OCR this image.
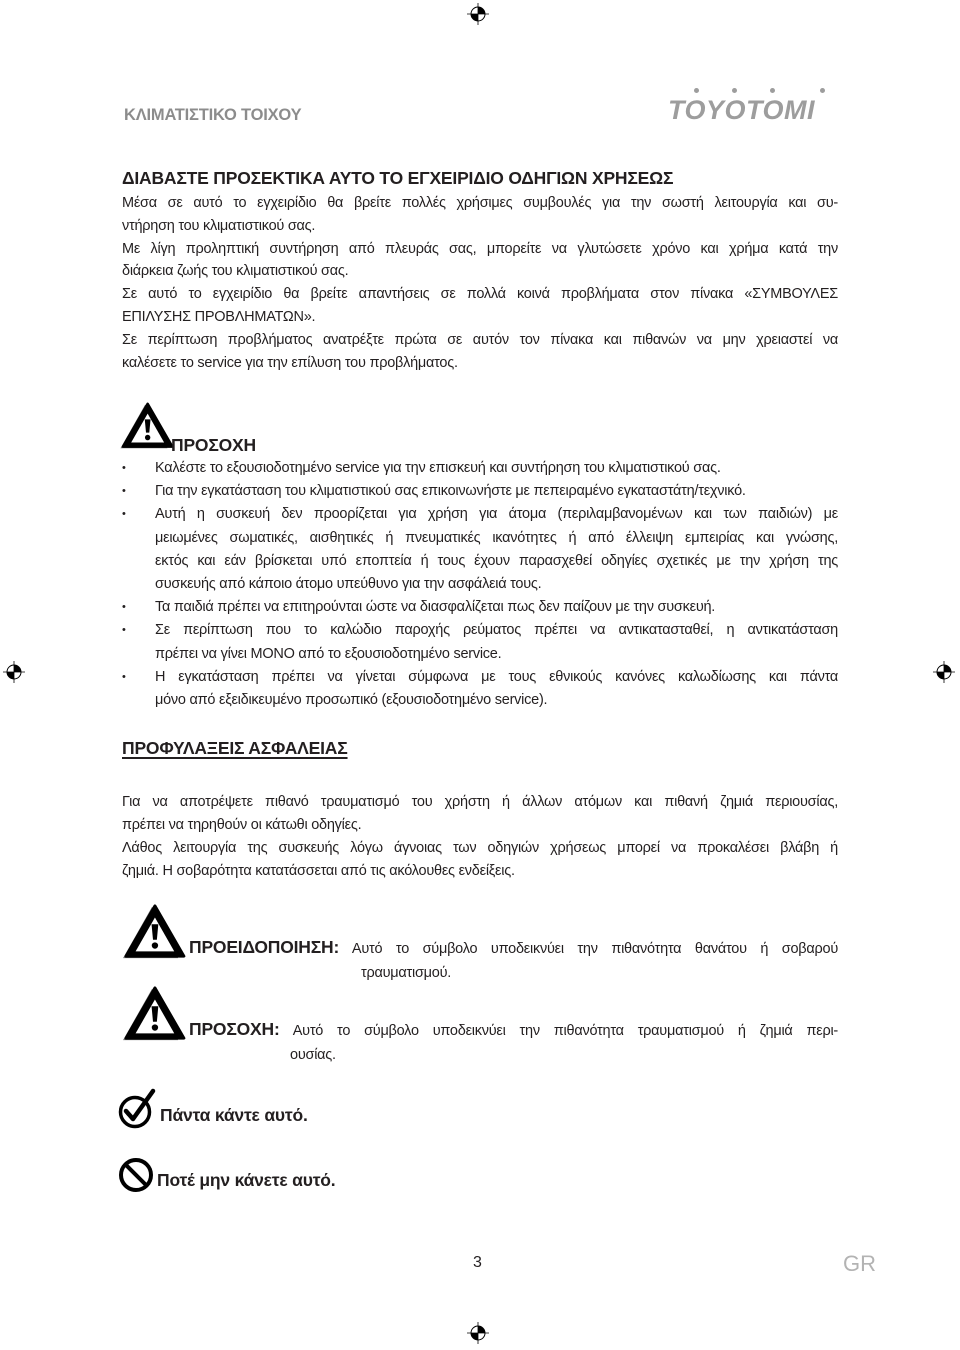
ΚΛΙΜΑΤΙΣΤΙΚΟ ΤΟΙΧΟΥ	TOYOTOMI
ΔΙΑΒΑΣΤΕ ΠΡΟΣΕΚΤΙΚΑ ΑΥΤΟ ΤΟ ΕΓΧΕΙΡΙΔΙΟ ΟΔΗΓΙΩΝ ΧΡΗΣΕΩΣ
Μέσα σε αυτό το εγχειρίδιο θα βρείτε πολλές χρήσιμες συμβουλές για την σωστή λειτουργία και συ-
ντήρηση του κλιματιστικού σας.
Με λίγη προληπτική συντήρηση από πλευράς σας, μπορείτε να γλυτώσετε χρόνο και χρήμα κατά την
διάρκεια ζωής του κλιματιστικού σας.
Σε αυτό το εγχειρίδιο θα βρείτε απαντήσεις σε πολλά κοινά προβλήματα στον πίνακα «ΣΥΜΒΟΥΛΕΣ
ΕΠΙΛΥΣΗΣ ΠΡΟΒΛΗΜΑΤΩΝ».
Σε περίπτωση προβλήματος ανατρέξτε πρώτα σε αυτόν τον πίνακα και πιθανών να μην χρειαστεί να
καλέσετε το service για την επίλυση του προβλήματος.
ΠΡΟΣΟΧΗ
• Καλέστε το εξουσιοδοτημένο service για την επισκευή και συντήρηση του κλιματιστικού σας.
• Για την εγκατάσταση του κλιματιστικού σας επικοινωνήστε με πεπειραμένο εγκαταστάτη/τεχνικό.
• Αυτή η συσκευή δεν προορίζεται για χρήση για άτομα (περιλαμβανομένων και των παιδιών) με
μειωμένες σωματικές, αισθητικές ή πνευματικές ικανότητες ή από έλλειψη εμπειρίας και γνώσης,
εκτός και εάν βρίσκεται υπό εποπτεία ή τους έχουν παρασχεθεί οδηγίες σχετικές με την χρήση της
συσκευής από κάποιο άτομο υπεύθυνο για την ασφάλειά τους.
• Τα παιδιά πρέπει να επιτηρούνται ώστε να διασφαλίζεται πως δεν παίζουν με την συσκευή.
• Σε περίπτωση που το καλώδιο παροχής ρεύματος πρέπει να αντικατασταθεί, η αντικατάσταση
πρέπει να γίνει ΜΟΝΟ από το εξουσιοδοτημένο service.
• Η εγκατάσταση πρέπει να γίνεται σύμφωνα με τους εθνικούς κανόνες καλωδίωσης και πάντα
μόνο από εξειδικευμένο προσωπικό (εξουσιοδοτημένο service).
ΠΡΟΦΥΛΑΞΕΙΣ ΑΣΦΑΛΕΙΑΣ
Για να αποτρέψετε πιθανό τραυματισμό του χρήστη ή άλλων ατόμων και πιθανή ζημιά περιουσίας,
πρέπει να τηρηθούν οι κάτωθι οδηγίες.
Λάθος λειτουργία της συσκευής λόγω άγνοιας των οδηγιών χρήσεως μπορεί να προκαλέσει βλάβη ή
ζημιά. Η σοβαρότητα κατατάσσεται από τις ακόλουθες ενδείξεις.
ΠΡΟΕΙΔΟΠΟΙΗΣΗ: Αυτό το σύμβολο υποδεικνύει την πιθανότητα θανάτου ή σοβαρού
τραυματισμού.
ΠΡΟΣΟΧΗ: Αυτό το σύμβολο υποδεικνύει την πιθανότητα τραυματισμού ή ζημιά περι-
ουσίας.
Πάντα κάντε αυτό.
Ποτέ μην κάνετε αυτό.
3	GR
